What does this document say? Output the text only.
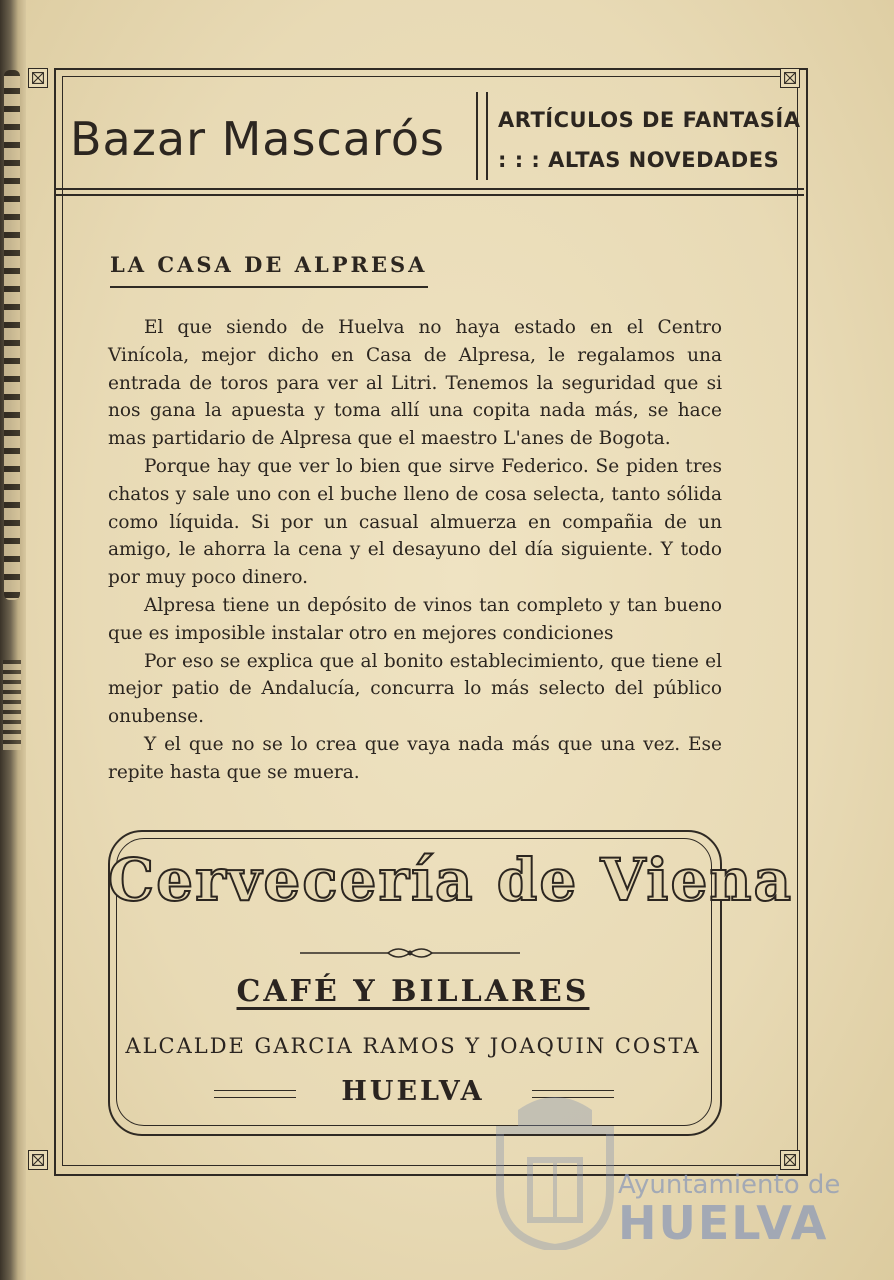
Bazar Mascarós	ARTÍCULOS DE FANTASÍA
: : : ALTAS NOVEDADES
LA CASA DE ALPRESA

El que siendo de Huelva no haya estado en el Centro Vinícola, mejor dicho en Casa de Alpresa, le regalamos una entrada de toros para ver al Litri. Tenemos la seguridad que si nos gana la apuesta y toma allí una copita nada más, se hace mas partidario de Alpresa que el maestro L'anes de Bogota.

Porque hay que ver lo bien que sirve Federico. Se piden tres chatos y sale uno con el buche lleno de cosa selecta, tanto sólida como líquida. Si por un casual almuerza en compañia de un amigo, le ahorra la cena y el desayuno del día siguiente. Y todo por muy poco dinero.

Alpresa tiene un depósito de vinos tan completo y tan bueno que es imposible instalar otro en mejores condiciones

Por eso se explica que al bonito establecimiento, que tiene el mejor patio de Andalucía, concurra lo más selecto del público onubense.

Y el que no se lo crea que vaya nada más que una vez. Ese repite hasta que se muera.

Cervecería de Viena
CAFÉ Y BILLARES
ALCALDE GARCIA RAMOS Y JOAQUIN COSTA
HUELVA
Ayuntamiento de
HUELVA
